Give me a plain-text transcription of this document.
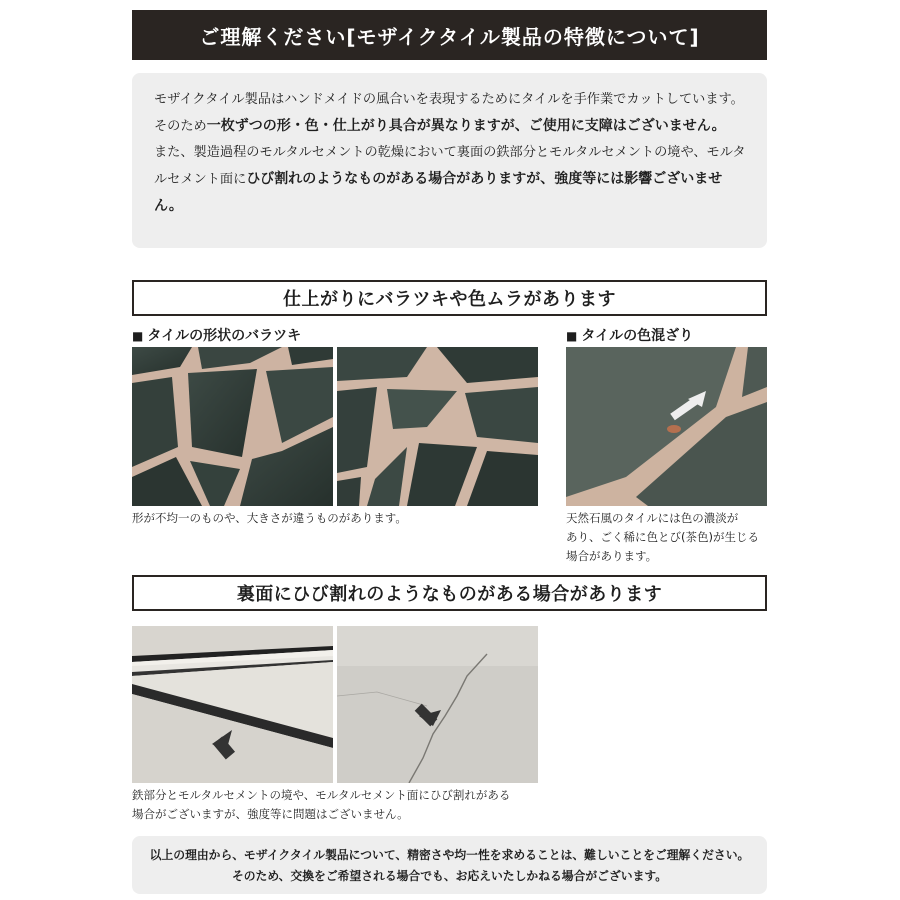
ご理解ください[モザイクタイル製品の特徴について]

モザイクタイル製品はハンドメイドの風合いを表現するためにタイルを手作業でカットしています。そのため一枚ずつの形・色・仕上がり具合が異なりますが、ご使用に支障はございません。

また、製造過程のモルタルセメントの乾燥において裏面の鉄部分とモルタルセメントの境や、モルタルセメント面にひび割れのようなものがある場合がありますが、強度等には影響ございません。

仕上がりにバラツキや色ムラがあります
■ タイルの形状のバラツキ	■ タイルの色混ざり
形が不均一のものや、大きさが違うものがあります。	天然石風のタイルには色の濃淡が
あり、ごく稀に色とび(茶色)が生じる
場合があります。
裏面にひび割れのようなものがある場合があります
鉄部分とモルタルセメントの境や、モルタルセメント面にひび割れがある
場合がございますが、強度等に問題はございません。

以上の理由から、モザイクタイル製品について、精密さや均一性を求めることは、難しいことをご理解ください。

そのため、交換をご希望される場合でも、お応えいたしかねる場合がございます。
